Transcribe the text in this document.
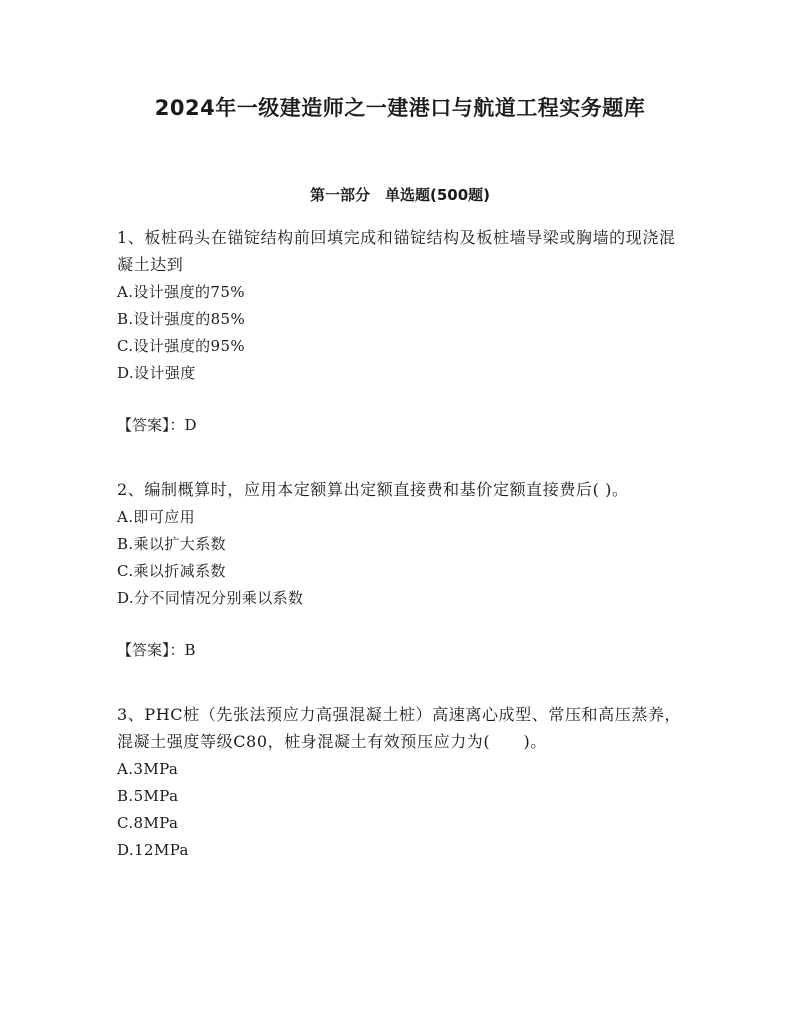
2024年一级建造师之一建港口与航道工程实务题库
第一部分　单选题(500题)

1、板桩码头在锚锭结构前回填完成和锚锭结构及板桩墙导梁或胸墙的现浇混凝土达到

A.设计强度的75%

B.设计强度的85%

C.设计强度的95%

D.设计强度

【答案】：D

2、编制概算时，应用本定额算出定额直接费和基价定额直接费后( )。

A.即可应用

B.乘以扩大系数

C.乘以折减系数

D.分不同情况分别乘以系数

【答案】：B

3、PHC桩（先张法预应力高强混凝土桩）高速离心成型、常压和高压蒸养，混凝土强度等级C80，桩身混凝土有效预压应力为(　　)。

A.3MPa

B.5MPa

C.8MPa

D.12MPa
